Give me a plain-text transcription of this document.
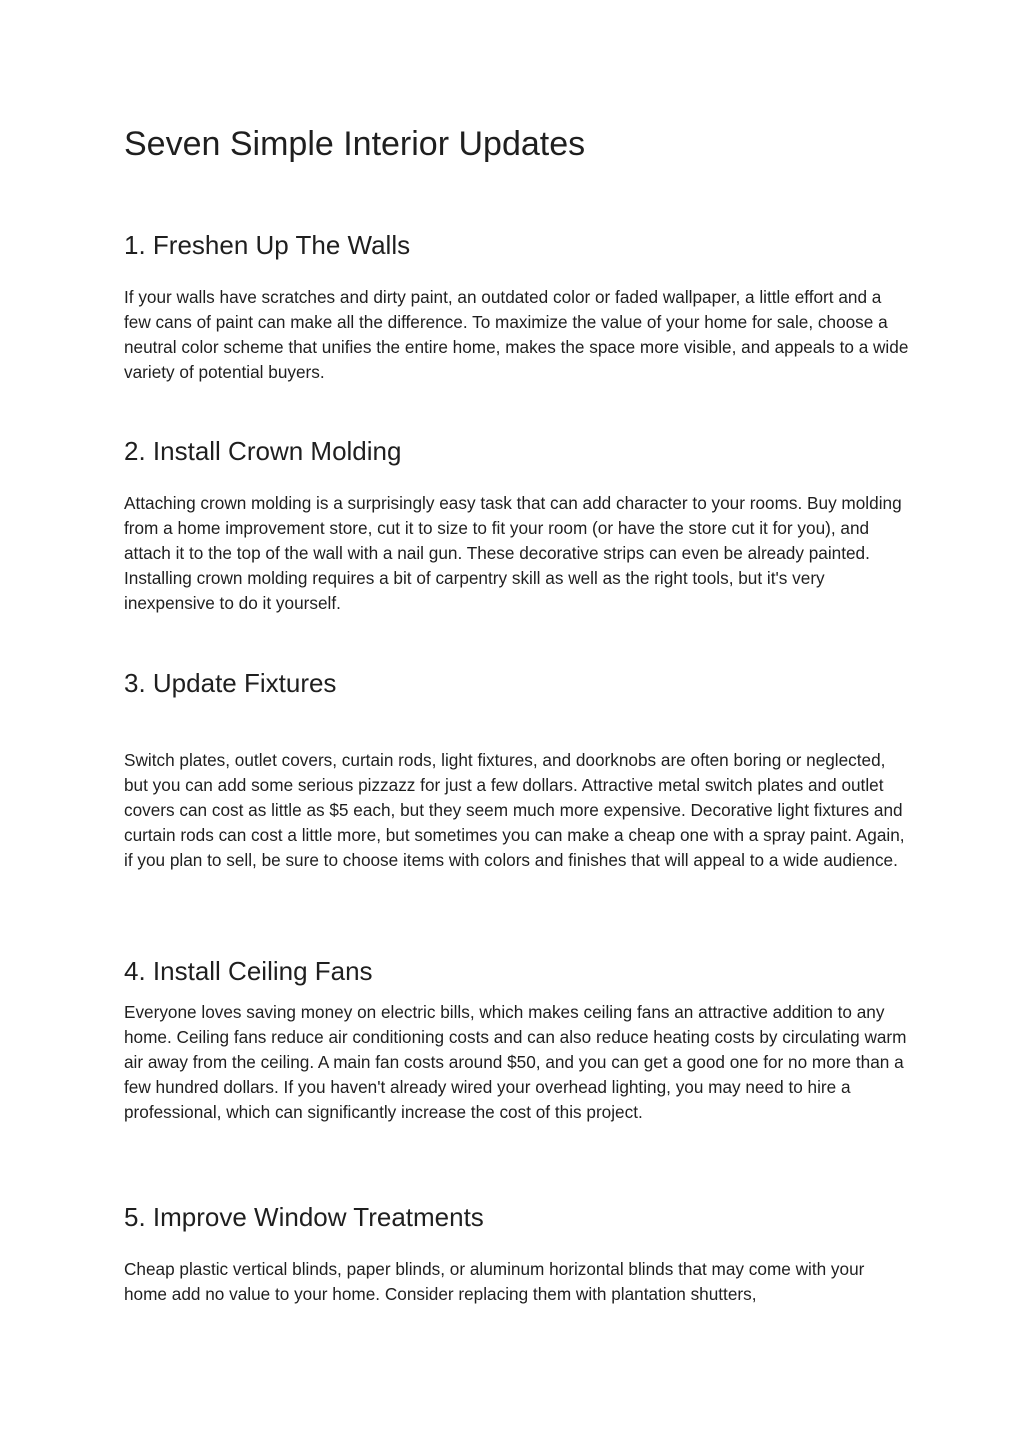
Seven Simple Interior Updates
1. Freshen Up The Walls

If your walls have scratches and dirty paint, an outdated color or faded wallpaper, a little effort and a few cans of paint can make all the difference. To maximize the value of your home for sale, choose a neutral color scheme that unifies the entire home, makes the space more visible, and appeals to a wide variety of potential buyers.

2. Install Crown Molding

Attaching crown molding is a surprisingly easy task that can add character to your rooms. Buy molding from a home improvement store, cut it to size to fit your room (or have the store cut it for you), and attach it to the top of the wall with a nail gun. These decorative strips can even be already painted. Installing crown molding requires a bit of carpentry skill as well as the right tools, but it's very inexpensive to do it yourself.

3. Update Fixtures

Switch plates, outlet covers, curtain rods, light fixtures, and doorknobs are often boring or neglected, but you can add some serious pizzazz for just a few dollars. Attractive metal switch plates and outlet covers can cost as little as $5 each, but they seem much more expensive. Decorative light fixtures and curtain rods can cost a little more, but sometimes you can make a cheap one with a spray paint. Again, if you plan to sell, be sure to choose items with colors and finishes that will appeal to a wide audience.

4. Install Ceiling Fans

Everyone loves saving money on electric bills, which makes ceiling fans an attractive addition to any home. Ceiling fans reduce air conditioning costs and can also reduce heating costs by circulating warm air away from the ceiling. A main fan costs around $50, and you can get a good one for no more than a few hundred dollars. If you haven't already wired your overhead lighting, you may need to hire a professional, which can significantly increase the cost of this project.

5. Improve Window Treatments

Cheap plastic vertical blinds, paper blinds, or aluminum horizontal blinds that may come with your home add no value to your home. Consider replacing them with plantation shutters,
